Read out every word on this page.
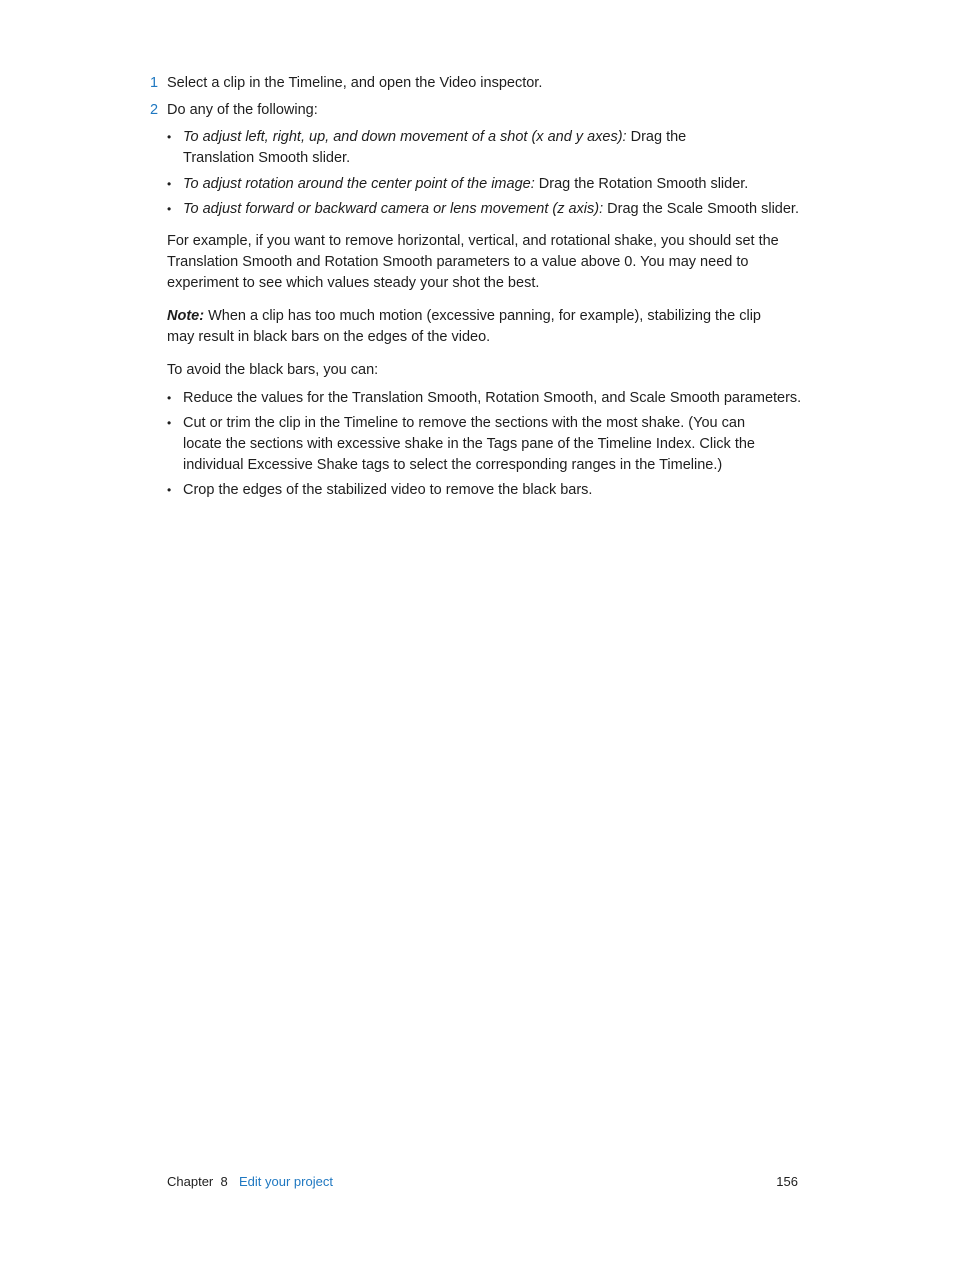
1 Select a clip in the Timeline, and open the Video inspector.
2 Do any of the following:
• To adjust left, right, up, and down movement of a shot (x and y axes): Drag the Translation Smooth slider.
• To adjust rotation around the center point of the image: Drag the Rotation Smooth slider.
• To adjust forward or backward camera or lens movement (z axis): Drag the Scale Smooth slider.
For example, if you want to remove horizontal, vertical, and rotational shake, you should set the Translation Smooth and Rotation Smooth parameters to a value above 0. You may need to experiment to see which values steady your shot the best.
Note: When a clip has too much motion (excessive panning, for example), stabilizing the clip may result in black bars on the edges of the video.
To avoid the black bars, you can:
• Reduce the values for the Translation Smooth, Rotation Smooth, and Scale Smooth parameters.
• Cut or trim the clip in the Timeline to remove the sections with the most shake. (You can locate the sections with excessive shake in the Tags pane of the Timeline Index. Click the individual Excessive Shake tags to select the corresponding ranges in the Timeline.)
• Crop the edges of the stabilized video to remove the black bars.
Chapter  8 Edit your project	156
